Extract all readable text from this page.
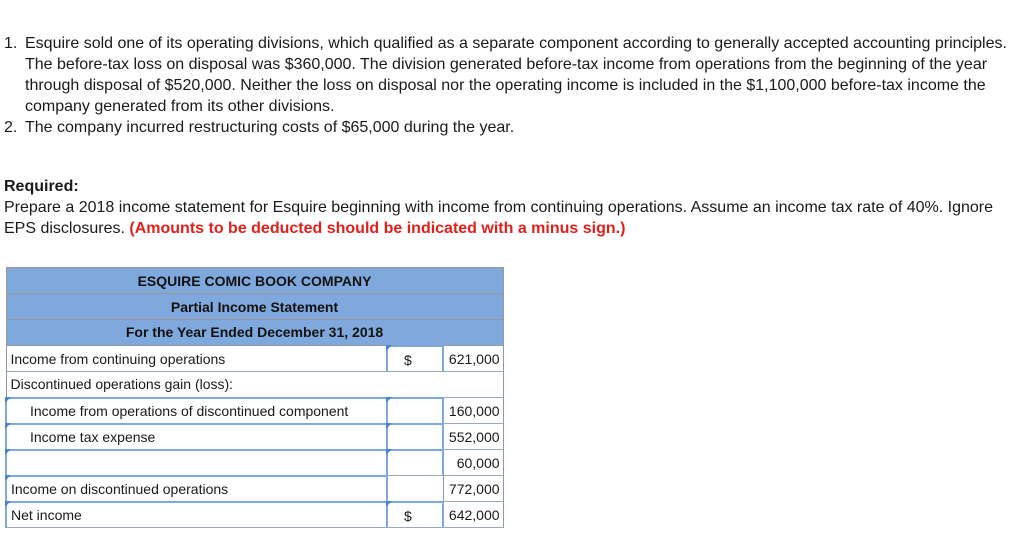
1. Esquire sold one of its operating divisions, which qualified as a separate component according to generally accepted accounting principles. The before-tax loss on disposal was $360,000. The division generated before-tax income from operations from the beginning of the year through disposal of $520,000. Neither the loss on disposal nor the operating income is included in the $1,100,000 before-tax income the company generated from its other divisions.
2. The company incurred restructuring costs of $65,000 during the year.
Required:
Prepare a 2018 income statement for Esquire beginning with income from continuing operations. Assume an income tax rate of 40%. Ignore EPS disclosures. (Amounts to be deducted should be indicated with a minus sign.)
ESQUIRE COMIC BOOK COMPANY		
Partial Income Statement		
For the Year Ended December 31, 2018		
Income from continuing operations	$	621,000
Discontinued operations gain (loss):		
Income from operations of discontinued component		160,000
Income tax expense		552,000
		60,000
Income on discontinued operations		772,000
Net income	$	642,000
